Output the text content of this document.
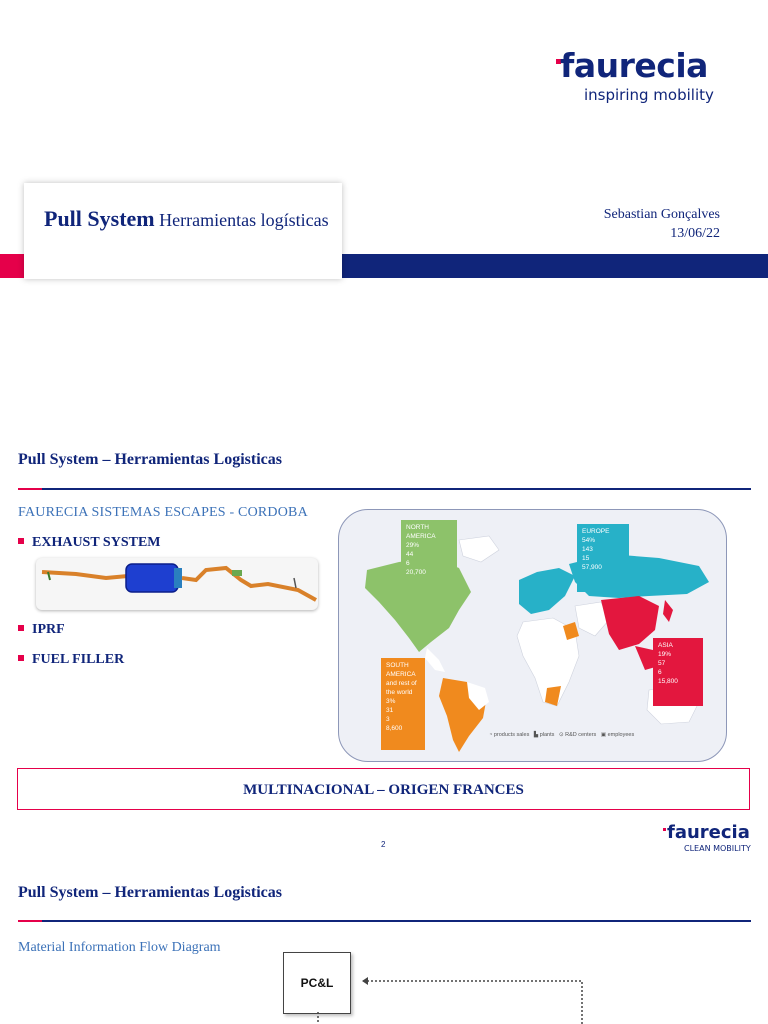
faurecia
inspiring mobility
Pull System Herramientas logísticas	Sebastian Gonçalves
13/06/22
Pull System – Herramientas Logisticas
FAURECIA SISTEMAS ESCAPES - CORDOBA
EXHAUST SYSTEM
IPRF
FUEL FILLER
NORTH AMERICA
29%
44
6
20,700
EUROPE
54%
143
15
57,900
ASIA
19%
57
6
15,800
SOUTH AMERICA and rest of the world
3%
31
3
8,600
◔ products sales ▙ plants ⊙ R&D centers ▣ employees
MULTINACIONAL – ORIGEN FRANCES
2
faurecia
CLEAN MOBILITY
Pull System – Herramientas Logisticas
Material Information Flow Diagram
PC&L
